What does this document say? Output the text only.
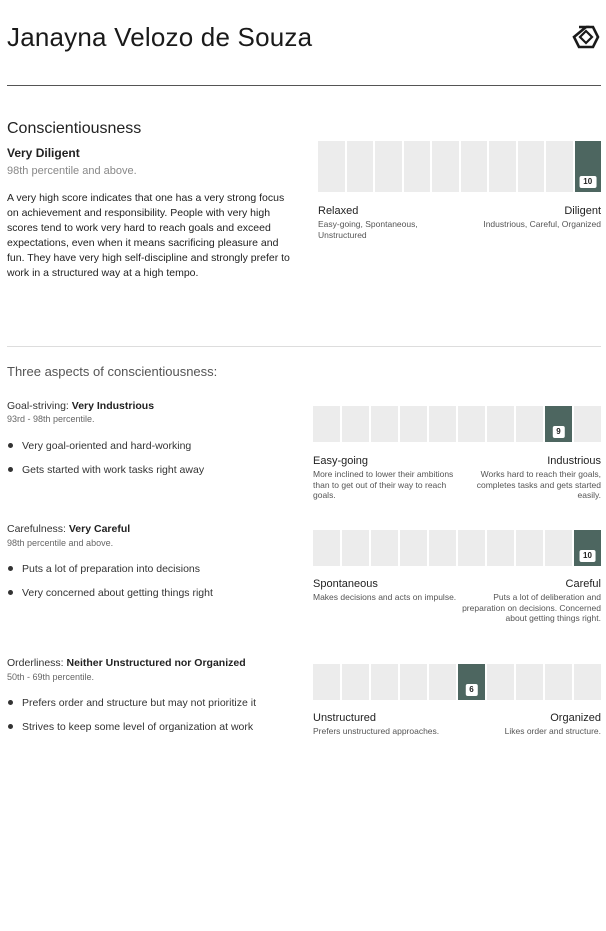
Janayna Velozo de Souza
Conscientiousness
Very Diligent
98th percentile and above.
A very high score indicates that one has a very strong focus on achievement and responsibility. People with very high scores tend to work very hard to reach goals and exceed expectations, even when it means sacrificing pleasure and fun. They have very high self-discipline and strongly prefer to work in a structured way at a high tempo.
10
Relaxed
Easy-going, Spontaneous, Unstructured
Diligent
Industrious, Careful, Organized
Three aspects of conscientiousness:
Goal-striving: Very Industrious
93rd - 98th percentile.
Very goal-oriented and hard-working
Gets started with work tasks right away
9
Easy-going
More inclined to lower their ambitions than to get out of their way to reach goals.
Industrious
Works hard to reach their goals, completes tasks and gets started easily.
Carefulness: Very Careful
98th percentile and above.
Puts a lot of preparation into decisions
Very concerned about getting things right
10
Spontaneous
Makes decisions and acts on impulse.
Careful
Puts a lot of deliberation and preparation on decisions. Concerned about getting things right.
Orderliness: Neither Unstructured nor Organized
50th - 69th percentile.
Prefers order and structure but may not prioritize it
Strives to keep some level of organization at work
6
Unstructured
Prefers unstructured approaches.
Organized
Likes order and structure.
